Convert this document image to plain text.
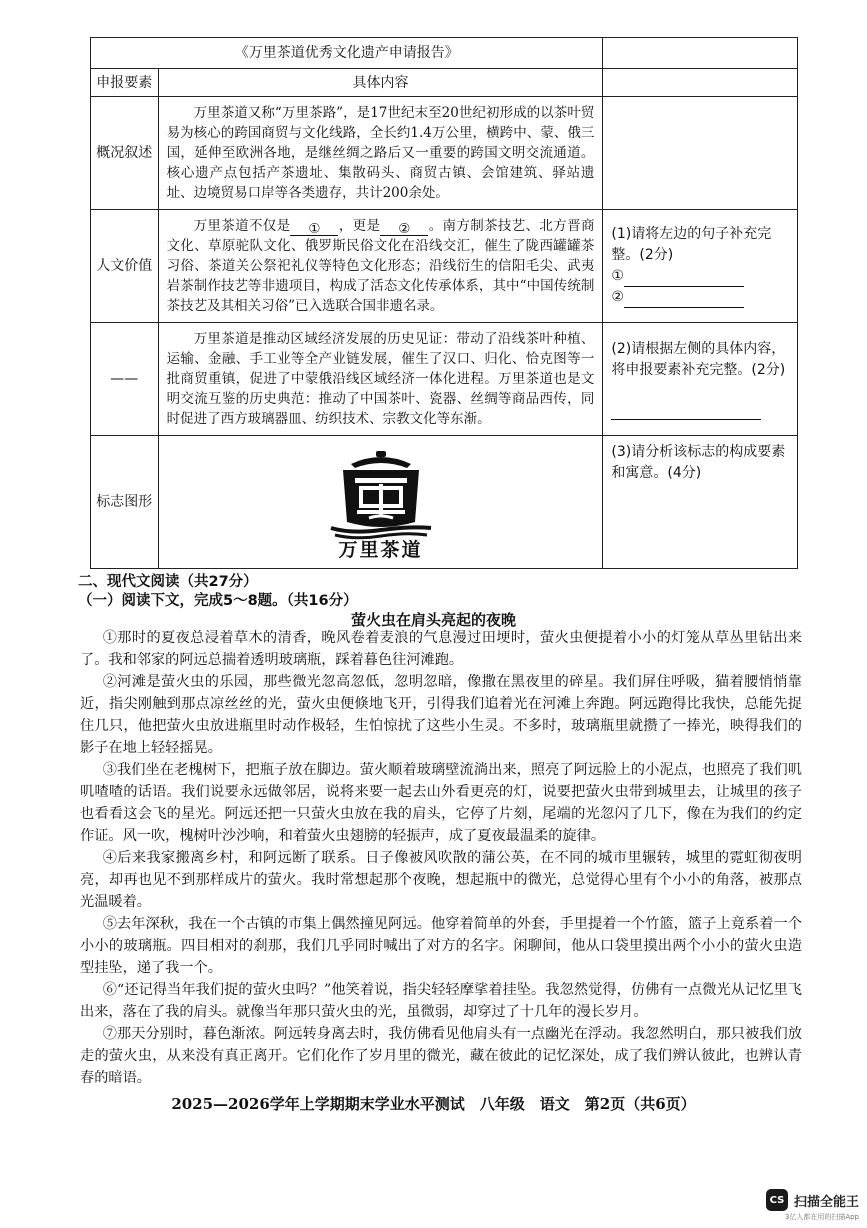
《万里茶道优秀文化遗产申请报告》		
申报要素	具体内容	
概况叙述	万里茶道又称“万里茶路”，是17世纪末至20世纪初形成的以茶叶贸易为核心的跨国商贸与文化线路，全长约1.4万公里，横跨中、蒙、俄三国，延伸至欧洲各地，是继丝绸之路后又一重要的跨国文明交流通道。核心遗产点包括产茶遗址、集散码头、商贸古镇、会馆建筑、驿站遗址、边境贸易口岸等各类遗存，共计200余处。	

人文价值	万里茶道不仅是 ① ，更是 ② 。南方制茶技艺、北方晋商文化、草原驼队文化、俄罗斯民俗文化在沿线交汇，催生了陇西罐罐茶习俗、茶道关公祭祀礼仪等特色文化形态；沿线衍生的信阳毛尖、武夷岩茶制作技艺等非遗项目，构成了活态文化传承体系，其中“中国传统制茶技艺及其相关习俗”已入选联合国非遗名录。	(1)请将左边的句子补充完整。(2分)
①
②

——	万里茶道是推动区域经济发展的历史见证：带动了沿线茶叶种植、运输、金融、手工业等全产业链发展，催生了汉口、归化、恰克图等一批商贸重镇，促进了中蒙俄沿线区域经济一体化进程。万里茶道也是文明交流互鉴的历史典范：推动了中国茶叶、瓷器、丝绸等商品西传，同时促进了西方玻璃器皿、纺织技术、宗教文化等东渐。	(2)请根据左侧的具体内容，将申报要素补充完整。(2分)

标志图形	万里茶道	(3)请分析该标志的构成要素和寓意。(4分)
二、现代文阅读（共27分）
（一）阅读下文，完成5～8题。（共16分）
萤火虫在肩头亮起的夜晚

①那时的夏夜总浸着草木的清香，晚风卷着麦浪的气息漫过田埂时，萤火虫便提着小小的灯笼从草丛里钻出来了。我和邻家的阿远总揣着透明玻璃瓶，踩着暮色往河滩跑。

②河滩是萤火虫的乐园，那些微光忽高忽低，忽明忽暗，像撒在黑夜里的碎星。我们屏住呼吸，猫着腰悄悄靠近，指尖刚触到那点凉丝丝的光，萤火虫便倏地飞开，引得我们追着光在河滩上奔跑。阿远跑得比我快，总能先捉住几只，他把萤火虫放进瓶里时动作极轻，生怕惊扰了这些小生灵。不多时，玻璃瓶里就攒了一捧光，映得我们的影子在地上轻轻摇晃。

③我们坐在老槐树下，把瓶子放在脚边。萤火顺着玻璃壁流淌出来，照亮了阿远脸上的小泥点，也照亮了我们叽叽喳喳的话语。我们说要永远做邻居，说将来要一起去山外看更亮的灯，说要把萤火虫带到城里去，让城里的孩子也看看这会飞的星光。阿远还把一只萤火虫放在我的肩头，它停了片刻，尾端的光忽闪了几下，像在为我们的约定作证。风一吹，槐树叶沙沙响，和着萤火虫翅膀的轻振声，成了夏夜最温柔的旋律。

④后来我家搬离乡村，和阿远断了联系。日子像被风吹散的蒲公英，在不同的城市里辗转，城里的霓虹彻夜明亮，却再也见不到那样成片的萤火。我时常想起那个夜晚，想起瓶中的微光，总觉得心里有个小小的角落，被那点光温暖着。

⑤去年深秋，我在一个古镇的市集上偶然撞见阿远。他穿着简单的外套，手里提着一个竹篮，篮子上竟系着一个小小的玻璃瓶。四目相对的刹那，我们几乎同时喊出了对方的名字。闲聊间，他从口袋里摸出两个小小的萤火虫造型挂坠，递了我一个。

⑥“还记得当年我们捉的萤火虫吗？”他笑着说，指尖轻轻摩挲着挂坠。我忽然觉得，仿佛有一点微光从记忆里飞出来，落在了我的肩头。就像当年那只萤火虫的光，虽微弱，却穿过了十几年的漫长岁月。

⑦那天分别时，暮色渐浓。阿远转身离去时，我仿佛看见他肩头有一点幽光在浮动。我忽然明白，那只被我们放走的萤火虫，从来没有真正离开。它们化作了岁月里的微光，藏在彼此的记忆深处，成了我们辨认彼此，也辨认青春的暗语。

2025—2026学年上学期期末学业水平测试　八年级　语文　第2页（共6页）
CS 扫描全能王
3亿人都在用的扫描App
